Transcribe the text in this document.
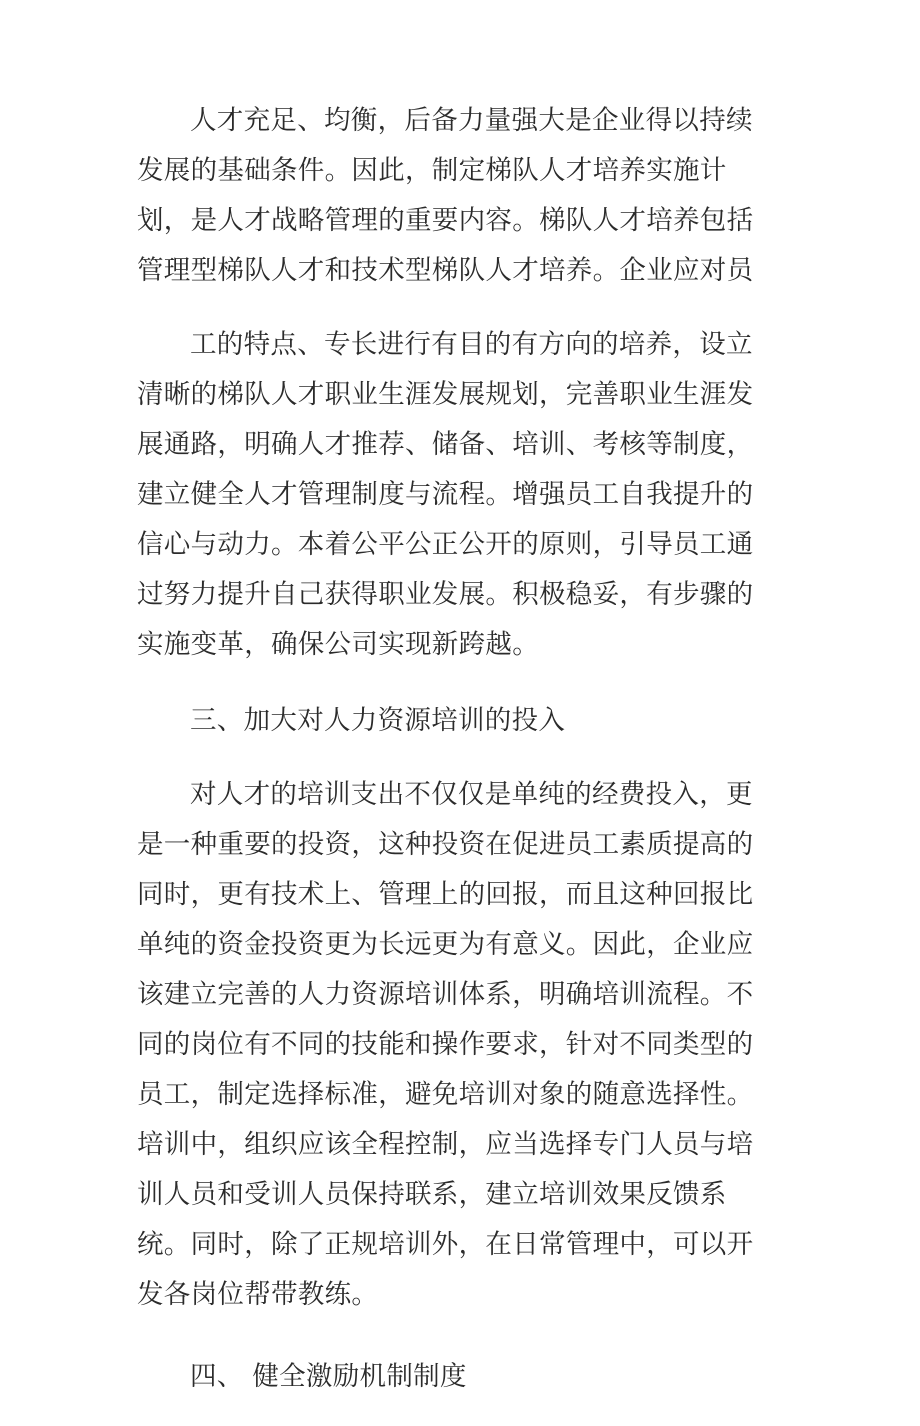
人才充足、均衡，后备力量强大是企业得以持续发展的基础条件。因此，制定梯队人才培养实施计划，是人才战略管理的重要内容。梯队人才培养包括管理型梯队人才和技术型梯队人才培养。企业应对员

工的特点、专长进行有目的有方向的培养，设立清晰的梯队人才职业生涯发展规划，完善职业生涯发展通路，明确人才推荐、储备、培训、考核等制度，建立健全人才管理制度与流程。增强员工自我提升的信心与动力。本着公平公正公开的原则，引导员工通过努力提升自己获得职业发展。积极稳妥，有步骤的实施变革，确保公司实现新跨越。

三、加大对人力资源培训的投入

对人才的培训支出不仅仅是单纯的经费投入，更是一种重要的投资，这种投资在促进员工素质提高的同时，更有技术上、管理上的回报，而且这种回报比单纯的资金投资更为长远更为有意义。因此，企业应该建立完善的人力资源培训体系，明确培训流程。不同的岗位有不同的技能和操作要求，针对不同类型的员工，制定选择标准，避免培训对象的随意选择性。培训中，组织应该全程控制，应当选择专门人员与培训人员和受训人员保持联系，建立培训效果反馈系统。同时，除了正规培训外，在日常管理中，可以开发各岗位帮带教练。

四、 健全激励机制制度
